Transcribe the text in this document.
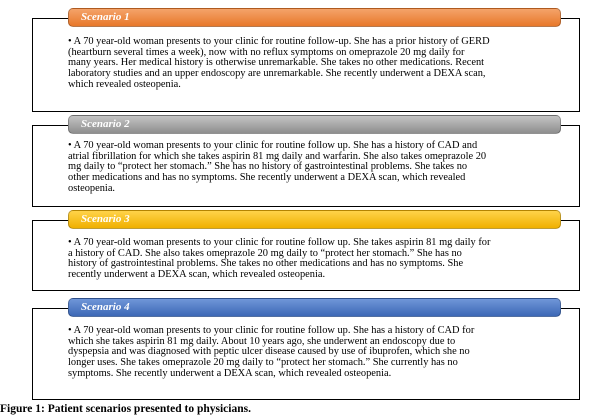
• A 70 year-old woman presents to your clinic for routine follow-up. She has a prior history of GERD
(heartburn several times a week), now with no reflux symptoms on omeprazole 20 mg daily for
many years. Her medical history is otherwise unremarkable. She takes no other medications. Recent
laboratory studies and an upper endoscopy are unremarkable. She recently underwent a DEXA scan,
which revealed osteopenia.
Scenario 1
• A 70 year-old woman presents to your clinic for routine follow up. She has a history of CAD and
atrial fibrillation for which she takes aspirin 81 mg daily and warfarin. She also takes omeprazole 20
mg daily to “protect her stomach.” She has no history of gastrointestinal problems. She takes no
other medications and has no symptoms. She recently underwent a DEXA scan, which revealed
osteopenia.
Scenario 2
• A 70 year-old woman presents to your clinic for routine follow up. She takes aspirin 81 mg daily for
a history of CAD. She also takes omeprazole 20 mg daily to “protect her stomach.” She has no
history of gastrointestinal problems. She takes no other medications and has no symptoms. She
recently underwent a DEXA scan, which revealed osteopenia.
Scenario 3
• A 70 year-old woman presents to your clinic for routine follow up. She has a history of CAD for
which she takes aspirin 81 mg daily. About 10 years ago, she underwent an endoscopy due to
dyspepsia and was diagnosed with peptic ulcer disease caused by use of ibuprofen, which she no
longer uses. She takes omeprazole 20 mg daily to “protect her stomach.” She currently has no
symptoms. She recently underwent a DEXA scan, which revealed osteopenia.
Scenario 4
Figure 1: Patient scenarios presented to physicians.
